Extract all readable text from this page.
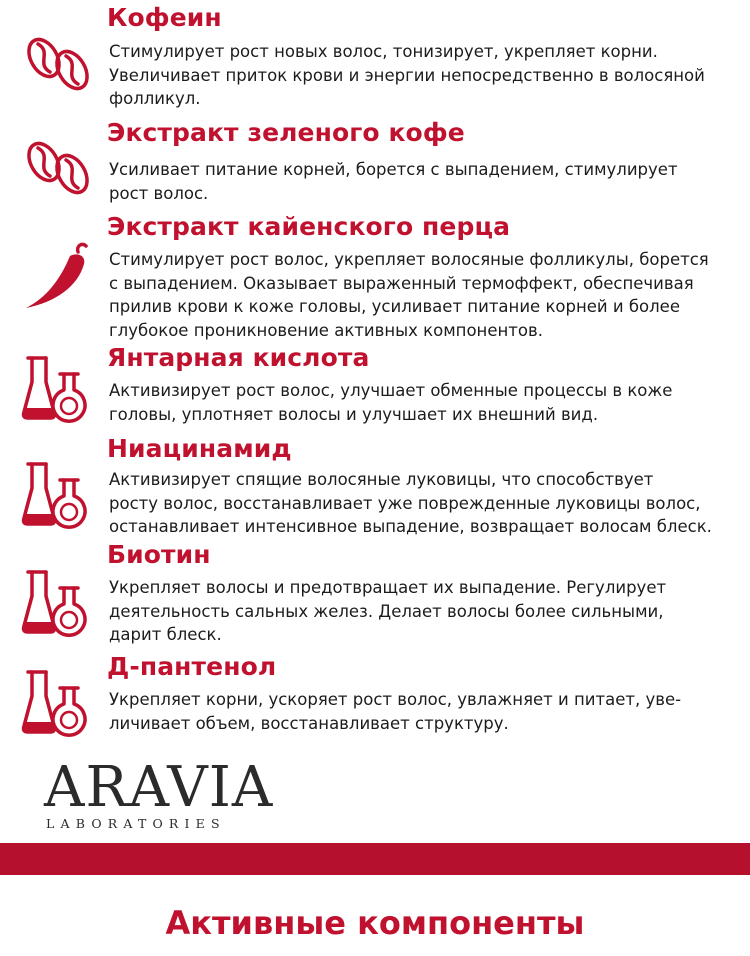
Кофеин

Стимулирует рост новых волос, тонизирует, укрепляет корни.
Увеличивает приток крови и энергии непосредственно в волосяной
фолликул.

Экстракт зеленого кофе

Усиливает питание корней, борется с выпадением, стимулирует
рост волос.

Экстракт кайенского перца

Стимулирует рост волос, укрепляет волосяные фолликулы, борется
с выпадением. Оказывает выраженный термоффект, обеспечивая
прилив крови к коже головы, усиливает питание корней и более
глубокое проникновение активных компонентов.

Янтарная кислота

Активизирует рост волос, улучшает обменные процессы в коже
головы, уплотняет волосы и улучшает их внешний вид.

Ниацинамид

Активизирует спящие волосяные луковицы, что способствует
росту волос, восстанавливает уже поврежденные луковицы волос,
останавливает интенсивное выпадение, возвращает волосам блеск.

Биотин

Укрепляет волосы и предотвращает их выпадение. Регулирует
деятельность сальных желез. Делает волосы более сильными,
дарит блеск.

Д-пантенол

Укрепляет корни, ускоряет рост волос, увлажняет и питает, уве-
личивает объем, восстанавливает структуру.

ARAVIA
LABORATORIES
Активные компоненты
